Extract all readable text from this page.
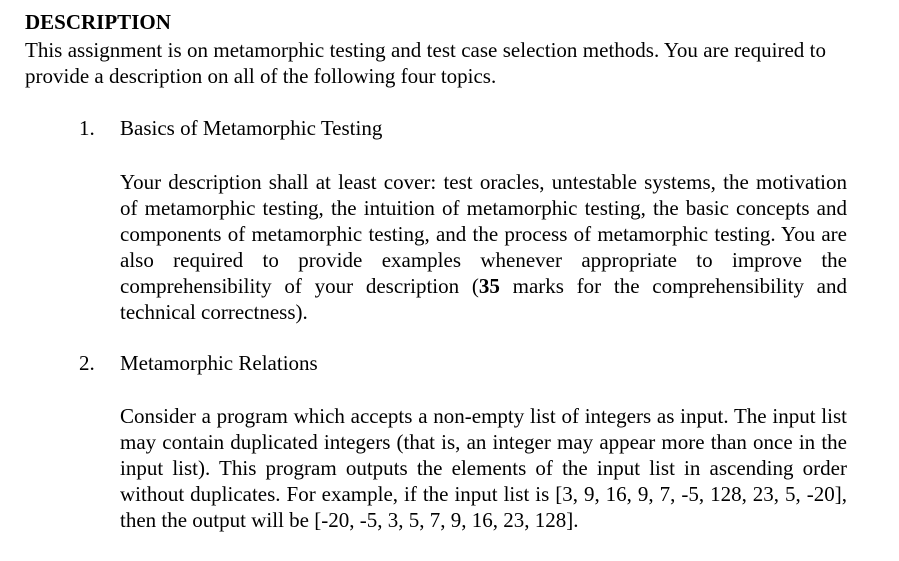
DESCRIPTION
This assignment is on metamorphic testing and test case selection methods. You are required to provide a description on all of the following four topics.
1. Basics of Metamorphic Testing
Your description shall at least cover: test oracles, untestable systems, the motivation of metamorphic testing, the intuition of metamorphic testing, the basic concepts and components of metamorphic testing, and the process of metamorphic testing. You are also required to provide examples whenever appropriate to improve the comprehensibility of your description (35 marks for the comprehensibility and technical correctness).
2. Metamorphic Relations
Consider a program which accepts a non-empty list of integers as input. The input list may contain duplicated integers (that is, an integer may appear more than once in the input list). This program outputs the elements of the input list in ascending order without duplicates. For example, if the input list is [3, 9, 16, 9, 7, -5, 128, 23, 5, -20], then the output will be [-20, -5, 3, 5, 7, 9, 16, 23, 128].
